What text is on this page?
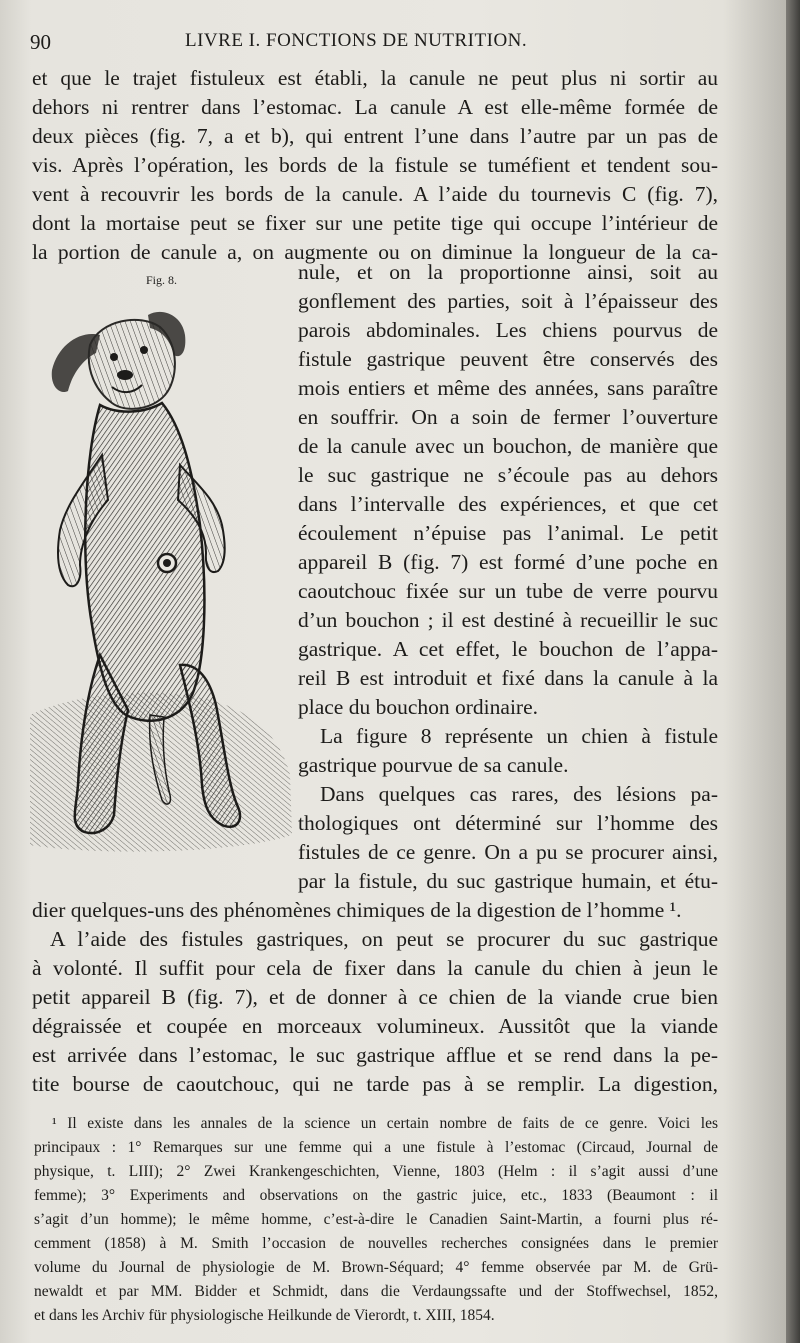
90	LIVRE I. FONCTIONS DE NUTRITION.
et que le trajet fistuleux est établi, la canule ne peut plus ni sortir au
dehors ni rentrer dans l’estomac. La canule A est elle-même formée de
deux pièces (fig. 7, a et b), qui entrent l’une dans l’autre par un pas de
vis. Après l’opération, les bords de la fistule se tuméfient et tendent sou-
vent à recouvrir les bords de la canule. A l’aide du tournevis C (fig. 7),
dont la mortaise peut se fixer sur une petite tige qui occupe l’intérieur de
la portion de canule a, on augmente ou on diminue la longueur de la ca-
Fig. 8.	nule, et on la proportionne ainsi, soit au
gonflement des parties, soit à l’épaisseur des
parois abdominales. Les chiens pourvus de
fistule gastrique peuvent être conservés des
mois entiers et même des années, sans paraître
en souffrir. On a soin de fermer l’ouverture
de la canule avec un bouchon, de manière que
le suc gastrique ne s’écoule pas au dehors
dans l’intervalle des expériences, et que cet
écoulement n’épuise pas l’animal. Le petit
appareil B (fig. 7) est formé d’une poche en
caoutchouc fixée sur un tube de verre pourvu
d’un bouchon ; il est destiné à recueillir le suc
gastrique. A cet effet, le bouchon de l’appa-
reil B est introduit et fixé dans la canule à la
place du bouchon ordinaire.
La figure 8 représente un chien à fistule
gastrique pourvue de sa canule.
Dans quelques cas rares, des lésions pa-
thologiques ont déterminé sur l’homme des
fistules de ce genre. On a pu se procurer ainsi,
par la fistule, du suc gastrique humain, et étu-
dier quelques-uns des phénomènes chimiques de la digestion de l’homme ¹.
A l’aide des fistules gastriques, on peut se procurer du suc gastrique
à volonté. Il suffit pour cela de fixer dans la canule du chien à jeun le
petit appareil B (fig. 7), et de donner à ce chien de la viande crue bien
dégraissée et coupée en morceaux volumineux. Aussitôt que la viande
est arrivée dans l’estomac, le suc gastrique afflue et se rend dans la pe-
tite bourse de caoutchouc, qui ne tarde pas à se remplir. La digestion,
¹ Il existe dans les annales de la science un certain nombre de faits de ce genre. Voici les
principaux : 1° Remarques sur une femme qui a une fistule à l’estomac (Circaud, Journal de
physique, t. LIII); 2° Zwei Krankengeschichten, Vienne, 1803 (Helm : il s’agit aussi d’une
femme); 3° Experiments and observations on the gastric juice, etc., 1833 (Beaumont : il
s’agit d’un homme); le même homme, c’est-à-dire le Canadien Saint-Martin, a fourni plus ré-
cemment (1858) à M. Smith l’occasion de nouvelles recherches consignées dans le premier
volume du Journal de physiologie de M. Brown-Séquard; 4° femme observée par M. de Grü-
newaldt et par MM. Bidder et Schmidt, dans die Verdaungssafte und der Stoffwechsel, 1852,
et dans les Archiv für physiologische Heilkunde de Vierordt, t. XIII, 1854.
